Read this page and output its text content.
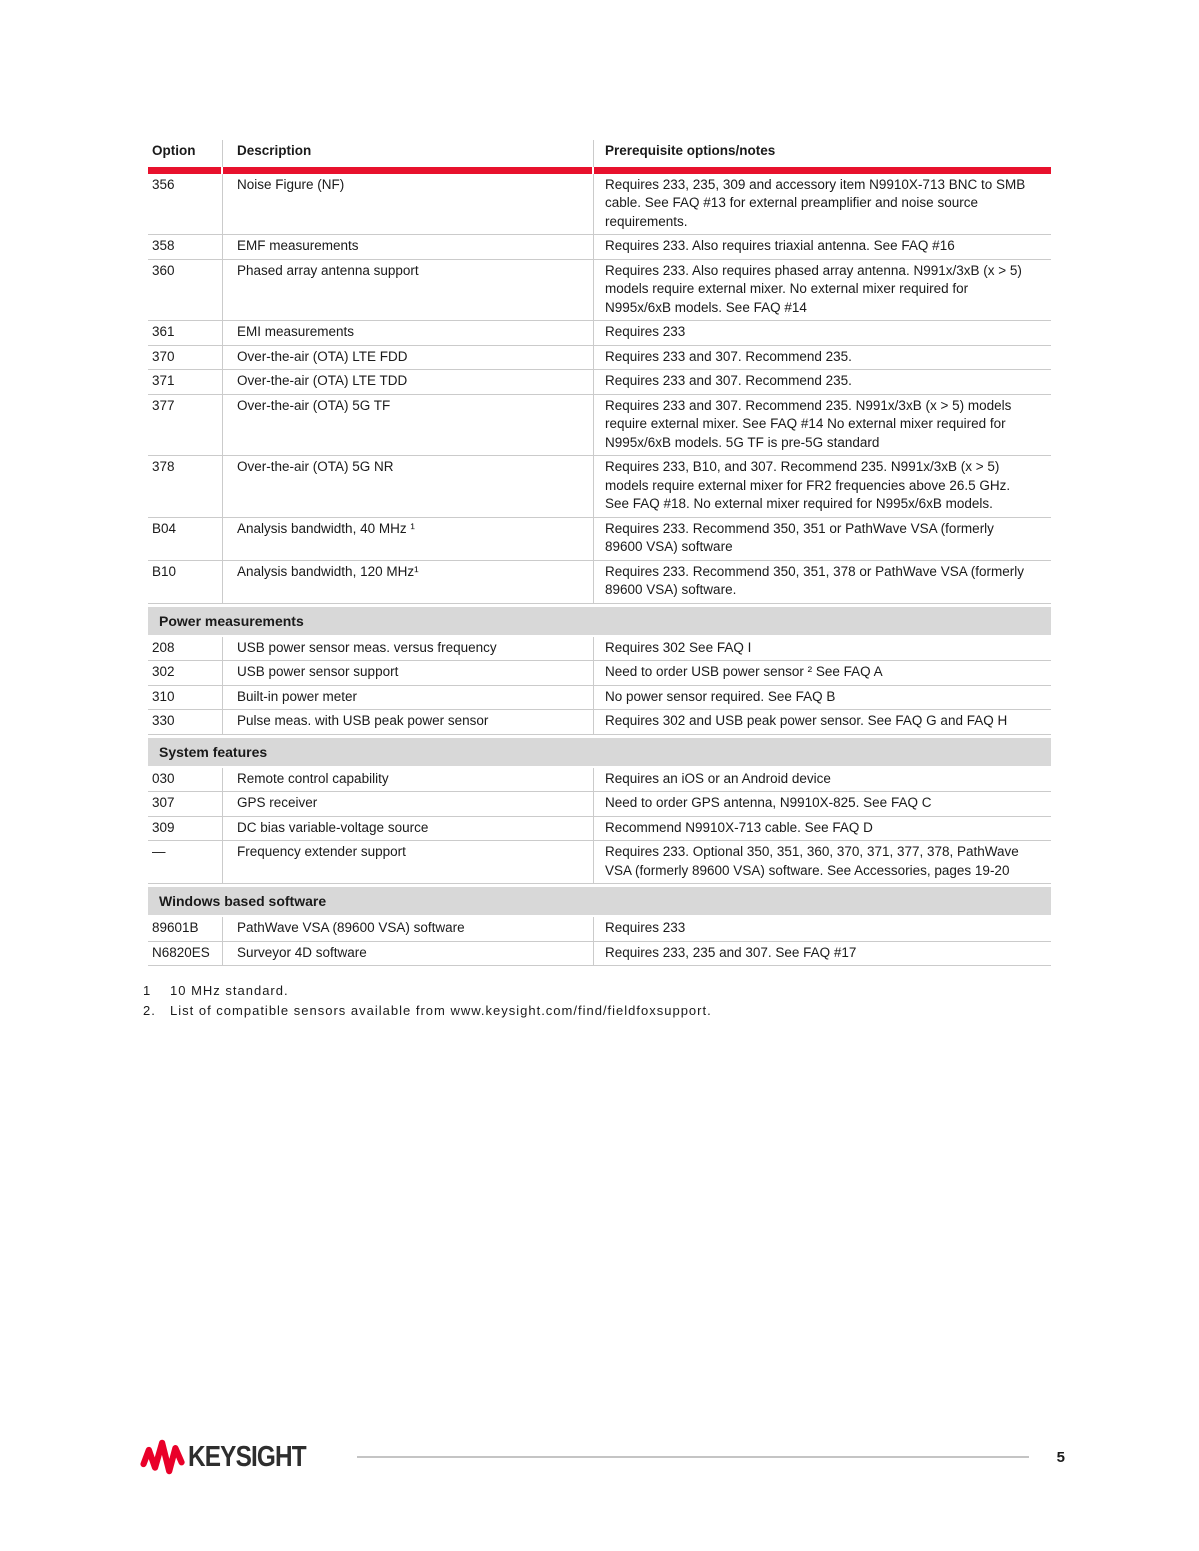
Option	Description	Prerequisite options/notes
356	Noise Figure (NF)	Requires 233, 235, 309 and accessory item N9910X-713 BNC to SMB cable. See FAQ #13 for external preamplifier and noise source requirements.
358	EMF measurements	Requires 233. Also requires triaxial antenna. See FAQ #16
360	Phased array antenna support	Requires 233. Also requires phased array antenna. N991x/3xB (x > 5) models require external mixer. No external mixer required for N995x/6xB models. See FAQ #14
361	EMI measurements	Requires 233
370	Over-the-air (OTA) LTE FDD	Requires 233 and 307. Recommend 235.
371	Over-the-air (OTA) LTE TDD	Requires 233 and 307. Recommend 235.
377	Over-the-air (OTA) 5G TF	Requires 233 and 307. Recommend 235. N991x/3xB (x > 5) models require external mixer. See FAQ #14 No external mixer required for N995x/6xB models. 5G TF is pre-5G standard
378	Over-the-air (OTA) 5G NR	Requires 233, B10, and 307. Recommend 235. N991x/3xB (x > 5) models require external mixer for FR2 frequencies above 26.5 GHz. See FAQ #18. No external mixer required for N995x/6xB models.
B04	Analysis bandwidth, 40 MHz ¹	Requires 233. Recommend 350, 351 or PathWave VSA (formerly 89600 VSA) software
B10	Analysis bandwidth, 120 MHz¹	Requires 233. Recommend 350, 351, 378 or PathWave VSA (formerly 89600 VSA) software.
Power measurements
208	USB power sensor meas. versus frequency	Requires 302 See FAQ I
302	USB power sensor support	Need to order USB power sensor ² See FAQ A
310	Built-in power meter	No power sensor required. See FAQ B
330	Pulse meas. with USB peak power sensor	Requires 302 and USB peak power sensor. See FAQ G and FAQ H
System features
030	Remote control capability	Requires an iOS or an Android device
307	GPS receiver	Need to order GPS antenna, N9910X-825. See FAQ C
309	DC bias variable-voltage source	Recommend N9910X-713 cable. See FAQ D
—	Frequency extender support	Requires 233. Optional 350, 351, 360, 370, 371, 377, 378, PathWave VSA (formerly 89600 VSA) software. See Accessories, pages 19-20
Windows based software
89601B	PathWave VSA (89600 VSA) software	Requires 233
N6820ES	Surveyor 4D software	Requires 233, 235 and 307. See FAQ #17
1	10 MHz standard.
2.	List of compatible sensors available from www.keysight.com/find/fieldfoxsupport.
KEYSIGHT	5
